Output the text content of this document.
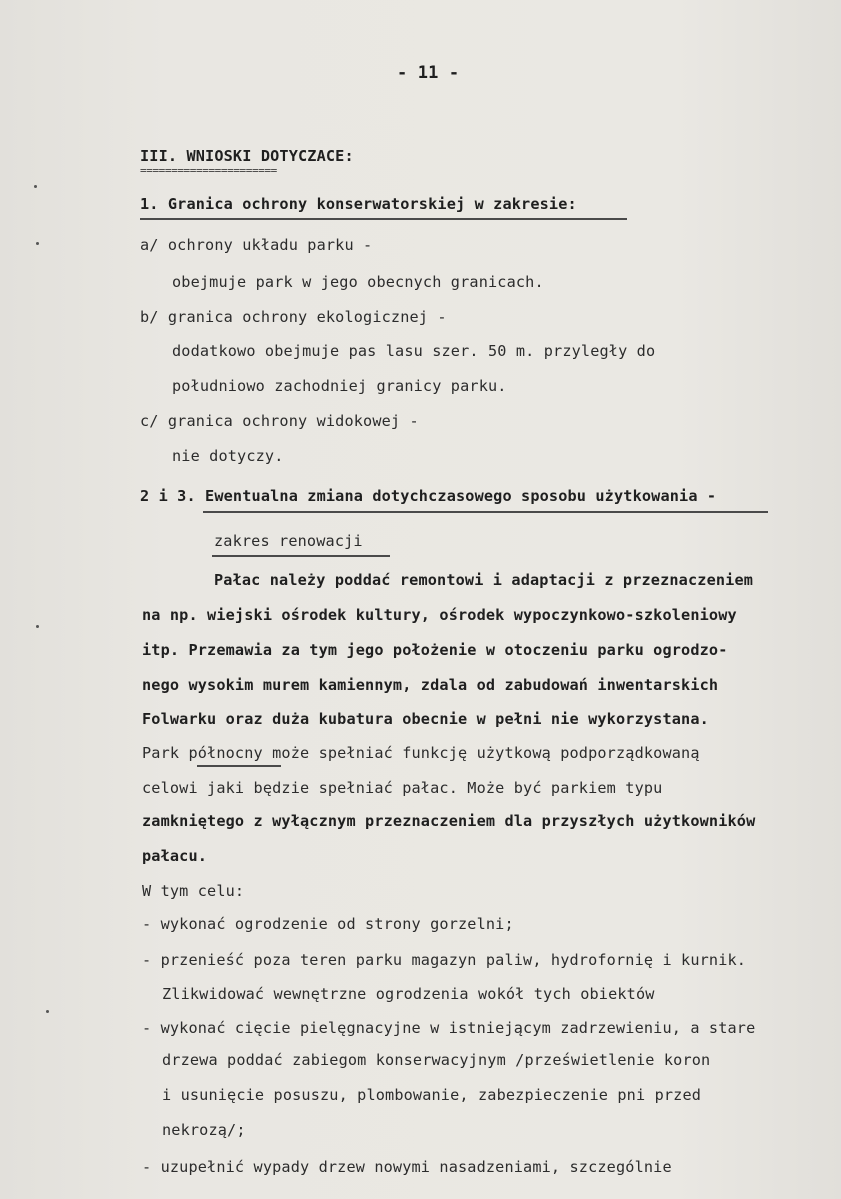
- 11 -
III. WNIOSKI DOTYCZACE:
======================
1. Granica ochrony konserwatorskiej w zakresie:
a/ ochrony układu parku -
obejmuje park w jego obecnych granicach.
b/ granica ochrony ekologicznej -
dodatkowo obejmuje pas lasu szer. 50 m. przyległy do
południowo zachodniej granicy parku.
c/ granica ochrony widokowej -
nie dotyczy.
2 i 3. Ewentualna zmiana dotychczasowego sposobu użytkowania -
zakres renowacji
Pałac należy poddać remontowi i adaptacji z przeznaczeniem
na np. wiejski ośrodek kultury, ośrodek wypoczynkowo-szkoleniowy
itp. Przemawia za tym jego położenie w otoczeniu parku ogrodzo-
nego wysokim murem kamiennym, zdala od zabudowań inwentarskich
Folwarku oraz duża kubatura obecnie w pełni nie wykorzystana.
Park północny może spełniać funkcję użytkową podporządkowaną
celowi jaki będzie spełniać pałac. Może być parkiem typu
zamkniętego z wyłącznym przeznaczeniem dla przyszłych użytkowników
pałacu.
W tym celu:
- wykonać ogrodzenie od strony gorzelni;
- przenieść poza teren parku magazyn paliw, hydrofornię i kurnik.
Zlikwidować wewnętrzne ogrodzenia wokół tych obiektów
- wykonać cięcie pielęgnacyjne w istniejącym zadrzewieniu, a stare
drzewa poddać zabiegom konserwacyjnym /prześwietlenie koron
i usunięcie posuszu, plombowanie, zabezpieczenie pni przed
nekrozą/;
- uzupełnić wypady drzew nowymi nasadzeniami, szczególnie
